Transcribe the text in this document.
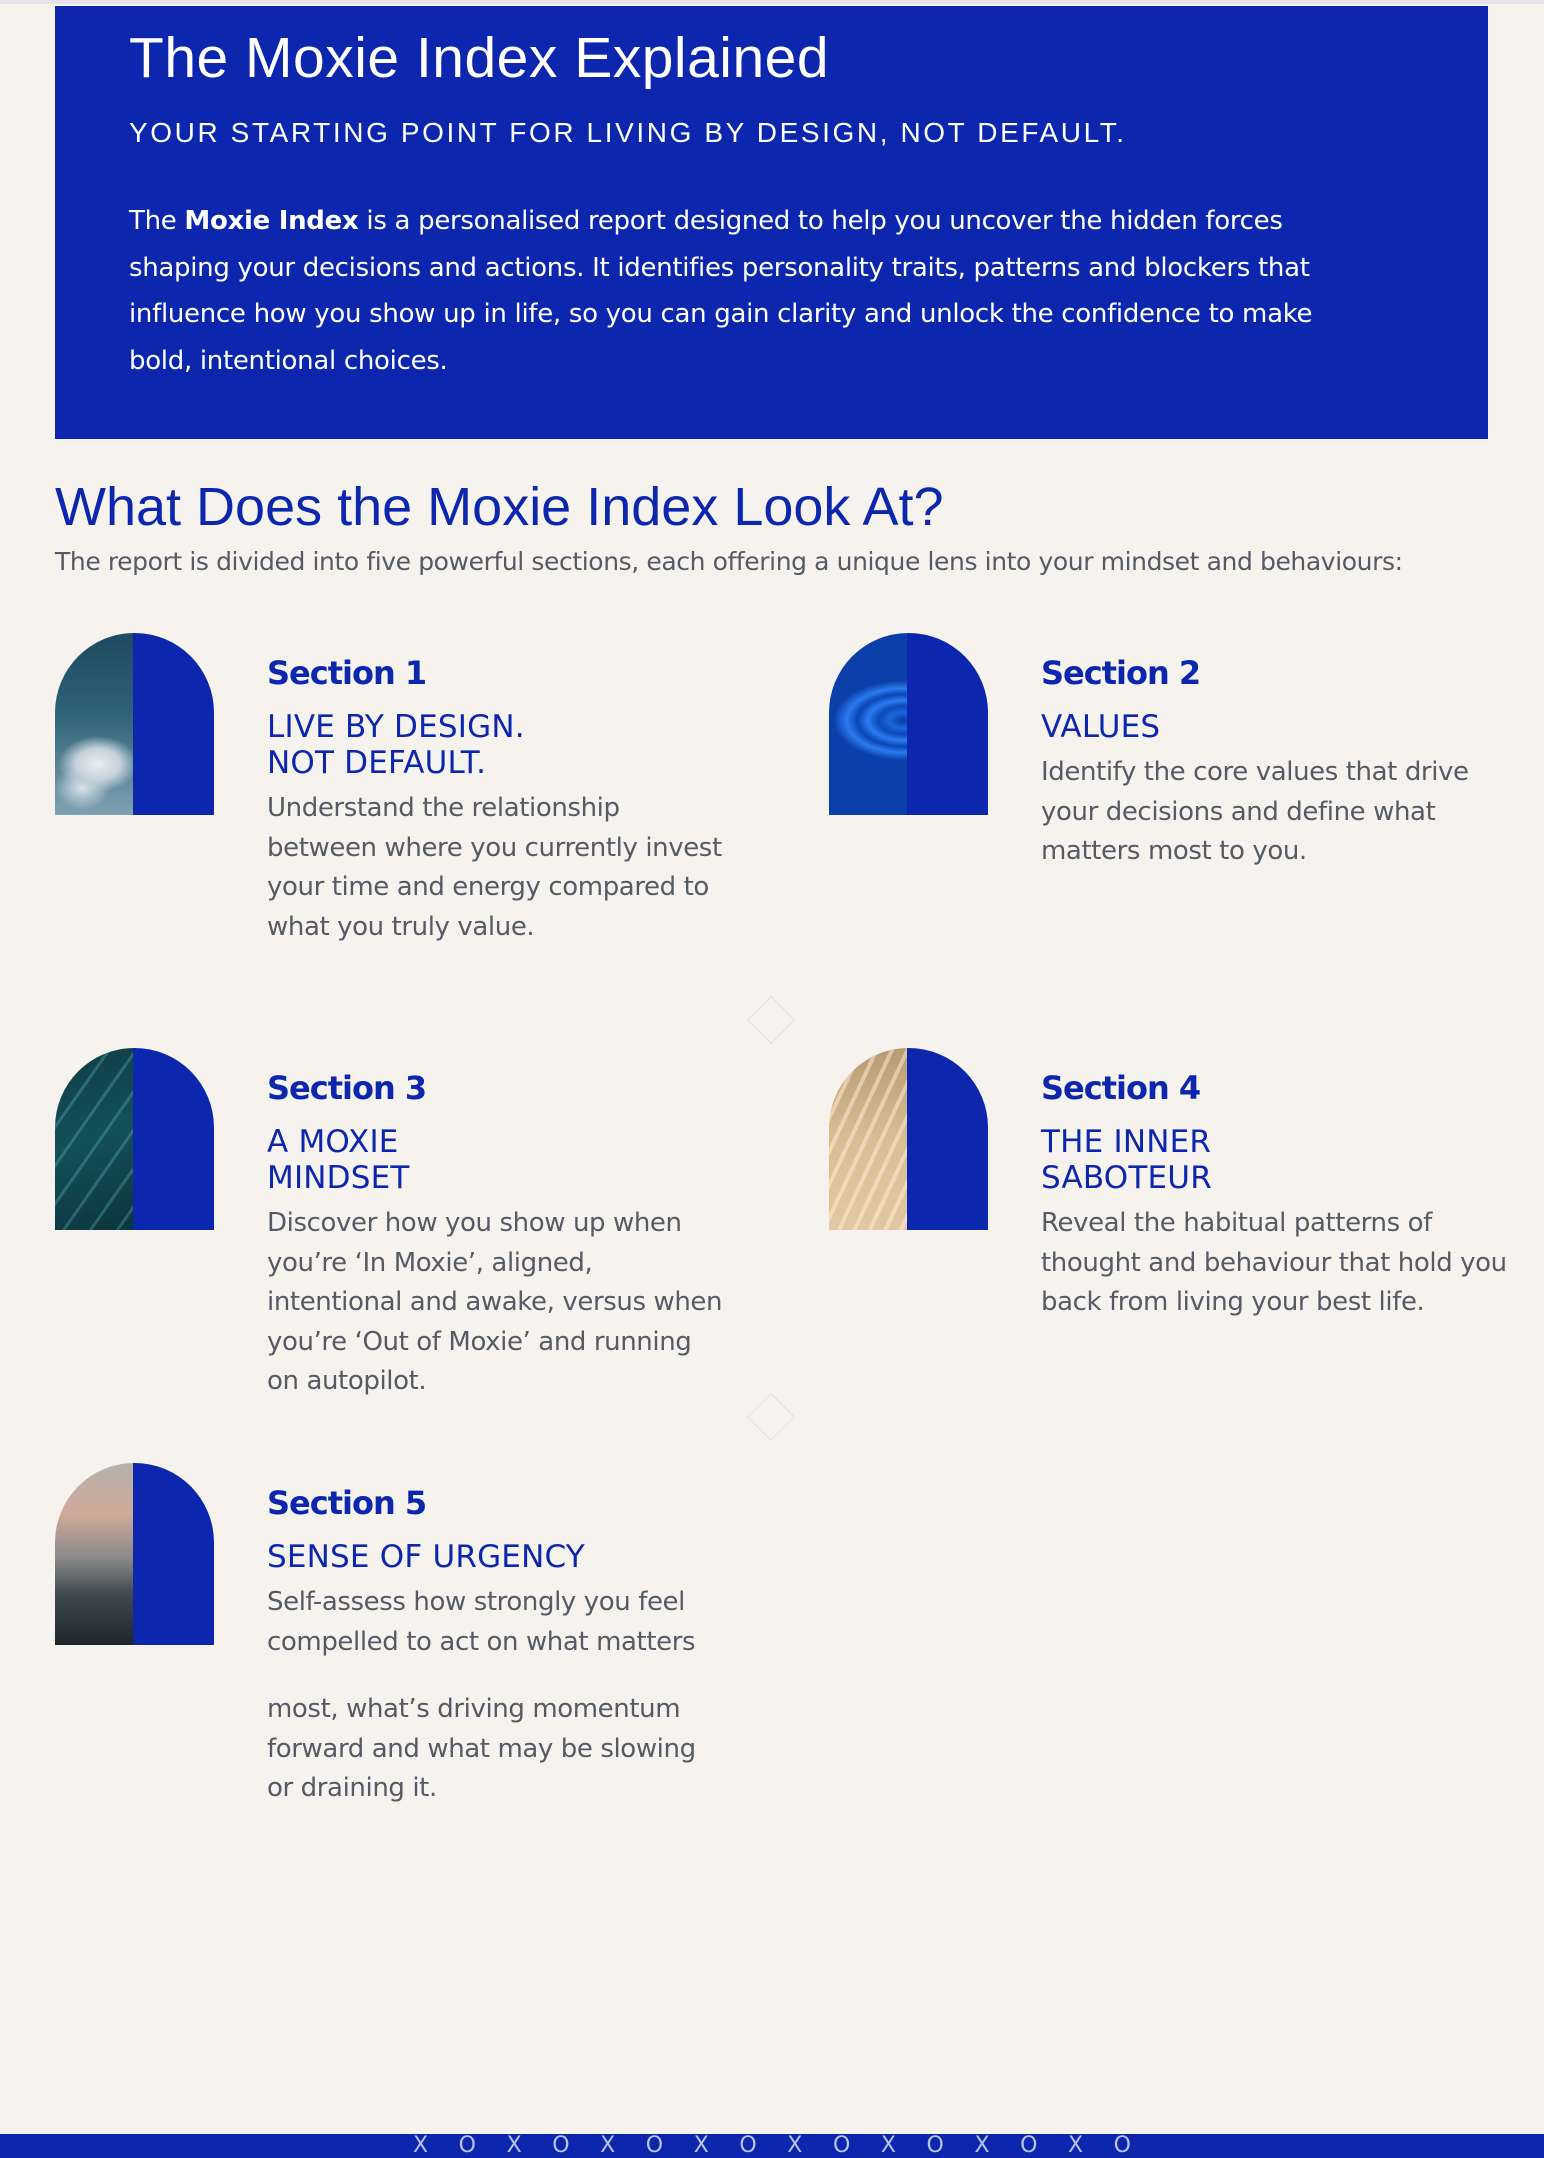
The Moxie Index Explained
YOUR STARTING POINT FOR LIVING BY DESIGN, NOT DEFAULT.

The Moxie Index is a personalised report designed to help you uncover the hidden forces shaping your decisions and actions. It identifies personality traits, patterns and blockers that influence how you show up in life, so you can gain clarity and unlock the confidence to make bold, intentional choices.

What Does the Moxie Index Look At?

The report is divided into five powerful sections, each offering a unique lens into your mindset and behaviours:

Section 1
LIVE BY DESIGN.
NOT DEFAULT.

Understand the relationship between where you currently invest your time and energy compared to what you truly value.

Section 2
VALUES

Identify the core values that drive your decisions and define what matters most to you.

Section 3
A MOXIE
MINDSET

Discover how you show up when you’re ‘In Moxie’, aligned, intentional and awake, versus when you’re ‘Out of Moxie’ and running on autopilot.

Section 4
THE INNER
SABOTEUR

Reveal the habitual patterns of thought and behaviour that hold you back from living your best life.

Section 5
SENSE OF URGENCY

Self-assess how strongly you feel compelled to act on what matters

most, what’s driving momentum forward and what may be slowing or draining it.

XOXOXOXOXOXOXOXO
